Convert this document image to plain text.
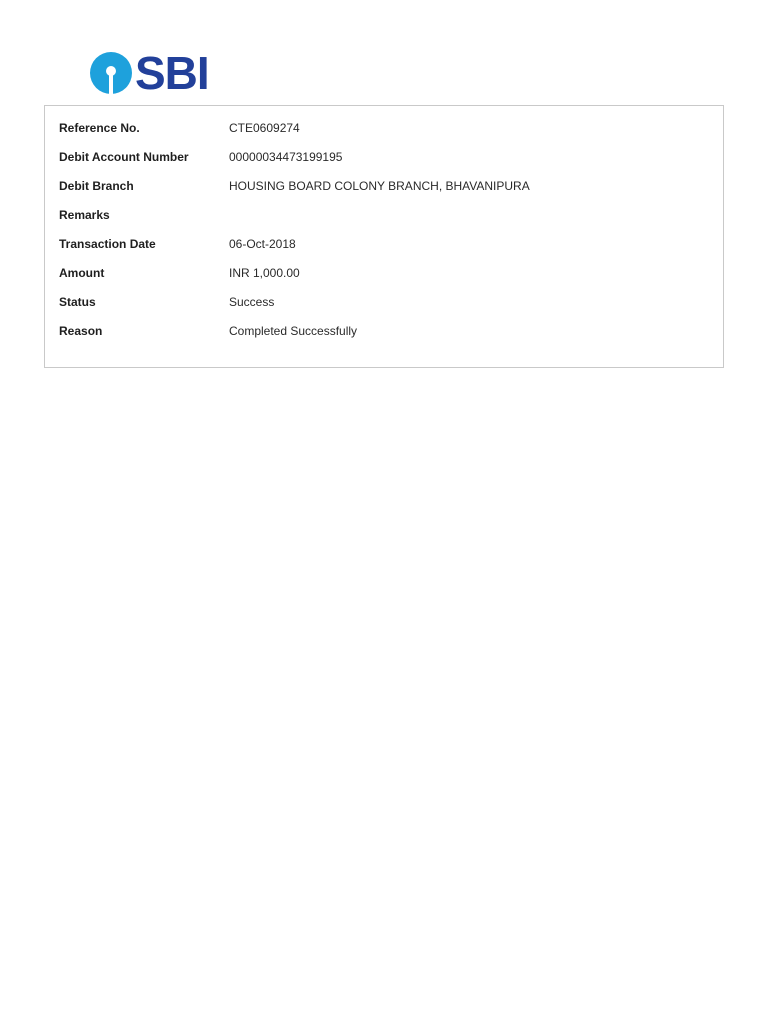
SBI
Reference No.	CTE0609274
Debit Account Number	00000034473199195
Debit Branch	HOUSING BOARD COLONY BRANCH, BHAVANIPURA
Remarks
Transaction Date	06-Oct-2018
Amount	INR 1,000.00
Status	Success
Reason	Completed Successfully
